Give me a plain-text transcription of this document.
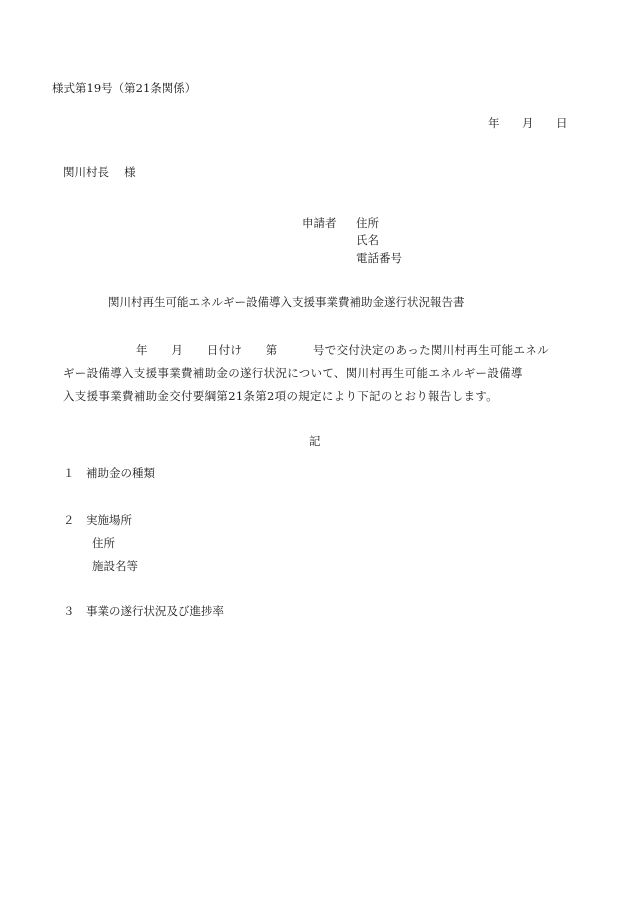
様式第19号（第21条関係）
年 月 日
関川村長　 様
申請者 住所
氏名
電話番号
関川村再生可能エネルギー設備導入支援事業費補助金遂行状況報告書
年　　月　　日付け　　第　　　号で交付決定のあった関川村再生可能エネル
ギー設備導入支援事業費補助金の遂行状況について、関川村再生可能エネルギー設備導
入支援事業費補助金交付要綱第21条第2項の規定により下記のとおり報告します。
記
１　補助金の種類
２　実施場所
住所
施設名等
３　事業の遂行状況及び進捗率
